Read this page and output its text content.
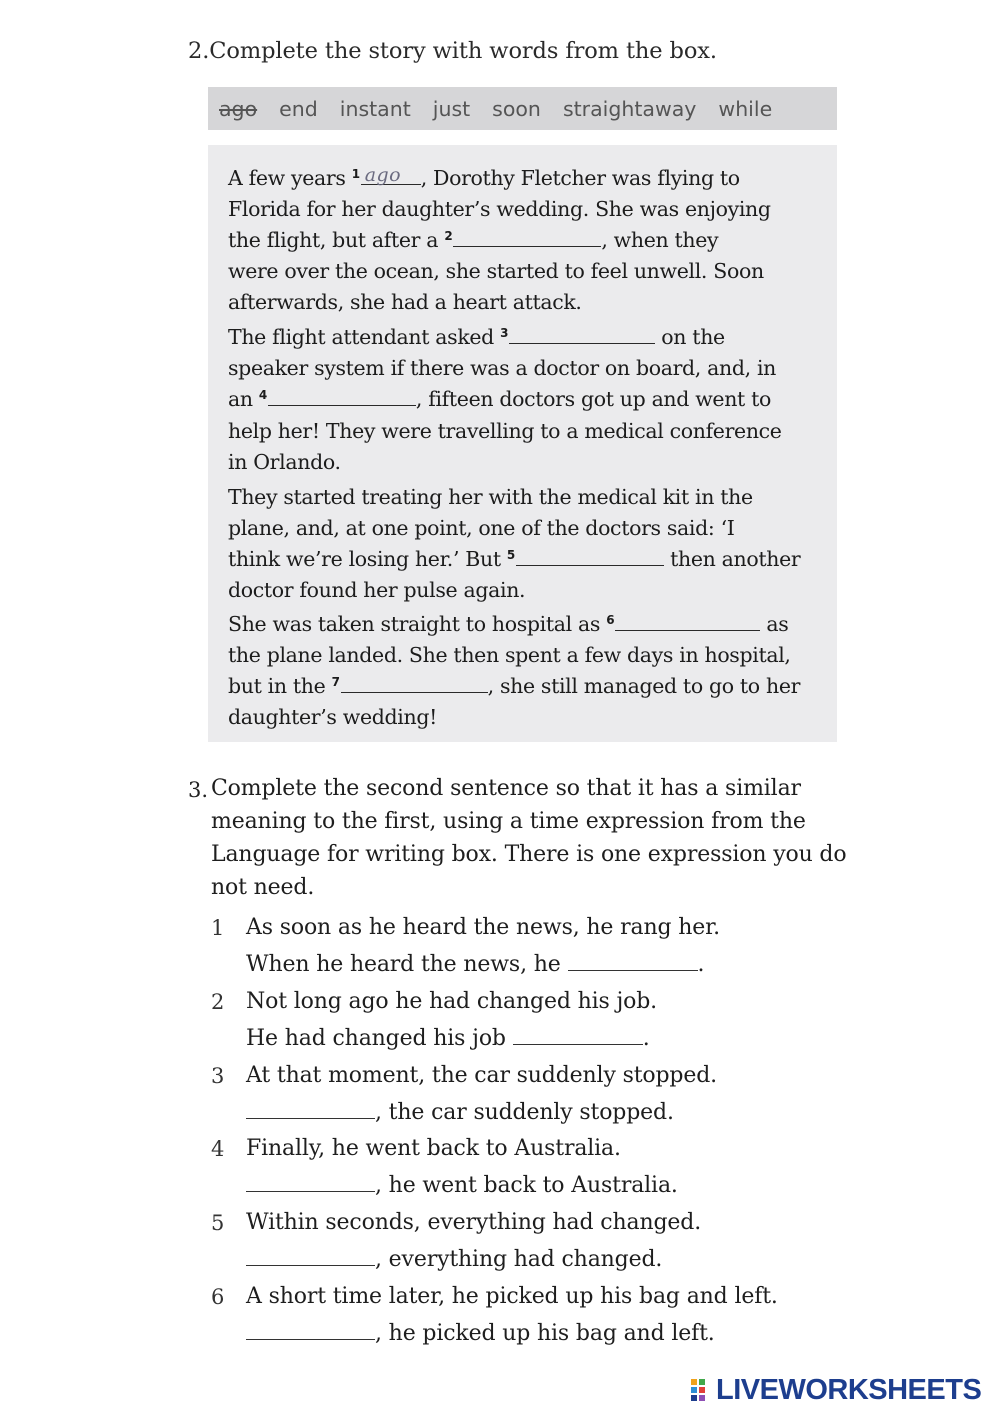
2.Complete the story with words from the box.
ago end instant just soon straightaway while
A few years $^1$ ago , Dorothy Fletcher was flying to
Florida for her daughter’s wedding. She was enjoying
the flight, but after a $^2$	, when they
were over the ocean, she started to feel unwell. Soon
afterwards, she had a heart attack.
The flight attendant asked $^3$	on the
speaker system if there was a doctor on board, and, in
an $^4$	, fifteen doctors got up and went to
help her! They were travelling to a medical conference
in Orlando.
They started treating her with the medical kit in the
plane, and, at one point, one of the doctors said: ‘I
think we’re losing her.’ But $^5$	then another
doctor found her pulse again.
She was taken straight to hospital as $^6$	as
the plane landed. She then spent a few days in hospital,
but in the $^7$	, she still managed to go to her
daughter’s wedding!
3. Complete the second sentence so that it has a similar
meaning to the first, using a time expression from the
Language for writing box. There is one expression you do
not need.
1 As soon as he heard the news, he rang her.
When he heard the news, he	.
2 Not long ago he had changed his job.
He had changed his job	.
3 At that moment, the car suddenly stopped.
, the car suddenly stopped.
4 Finally, he went back to Australia.
, he went back to Australia.
5 Within seconds, everything had changed.
, everything had changed.
6 A short time later, he picked up his bag and left.
, he picked up his bag and left.
LIVEWORKSHEETS
